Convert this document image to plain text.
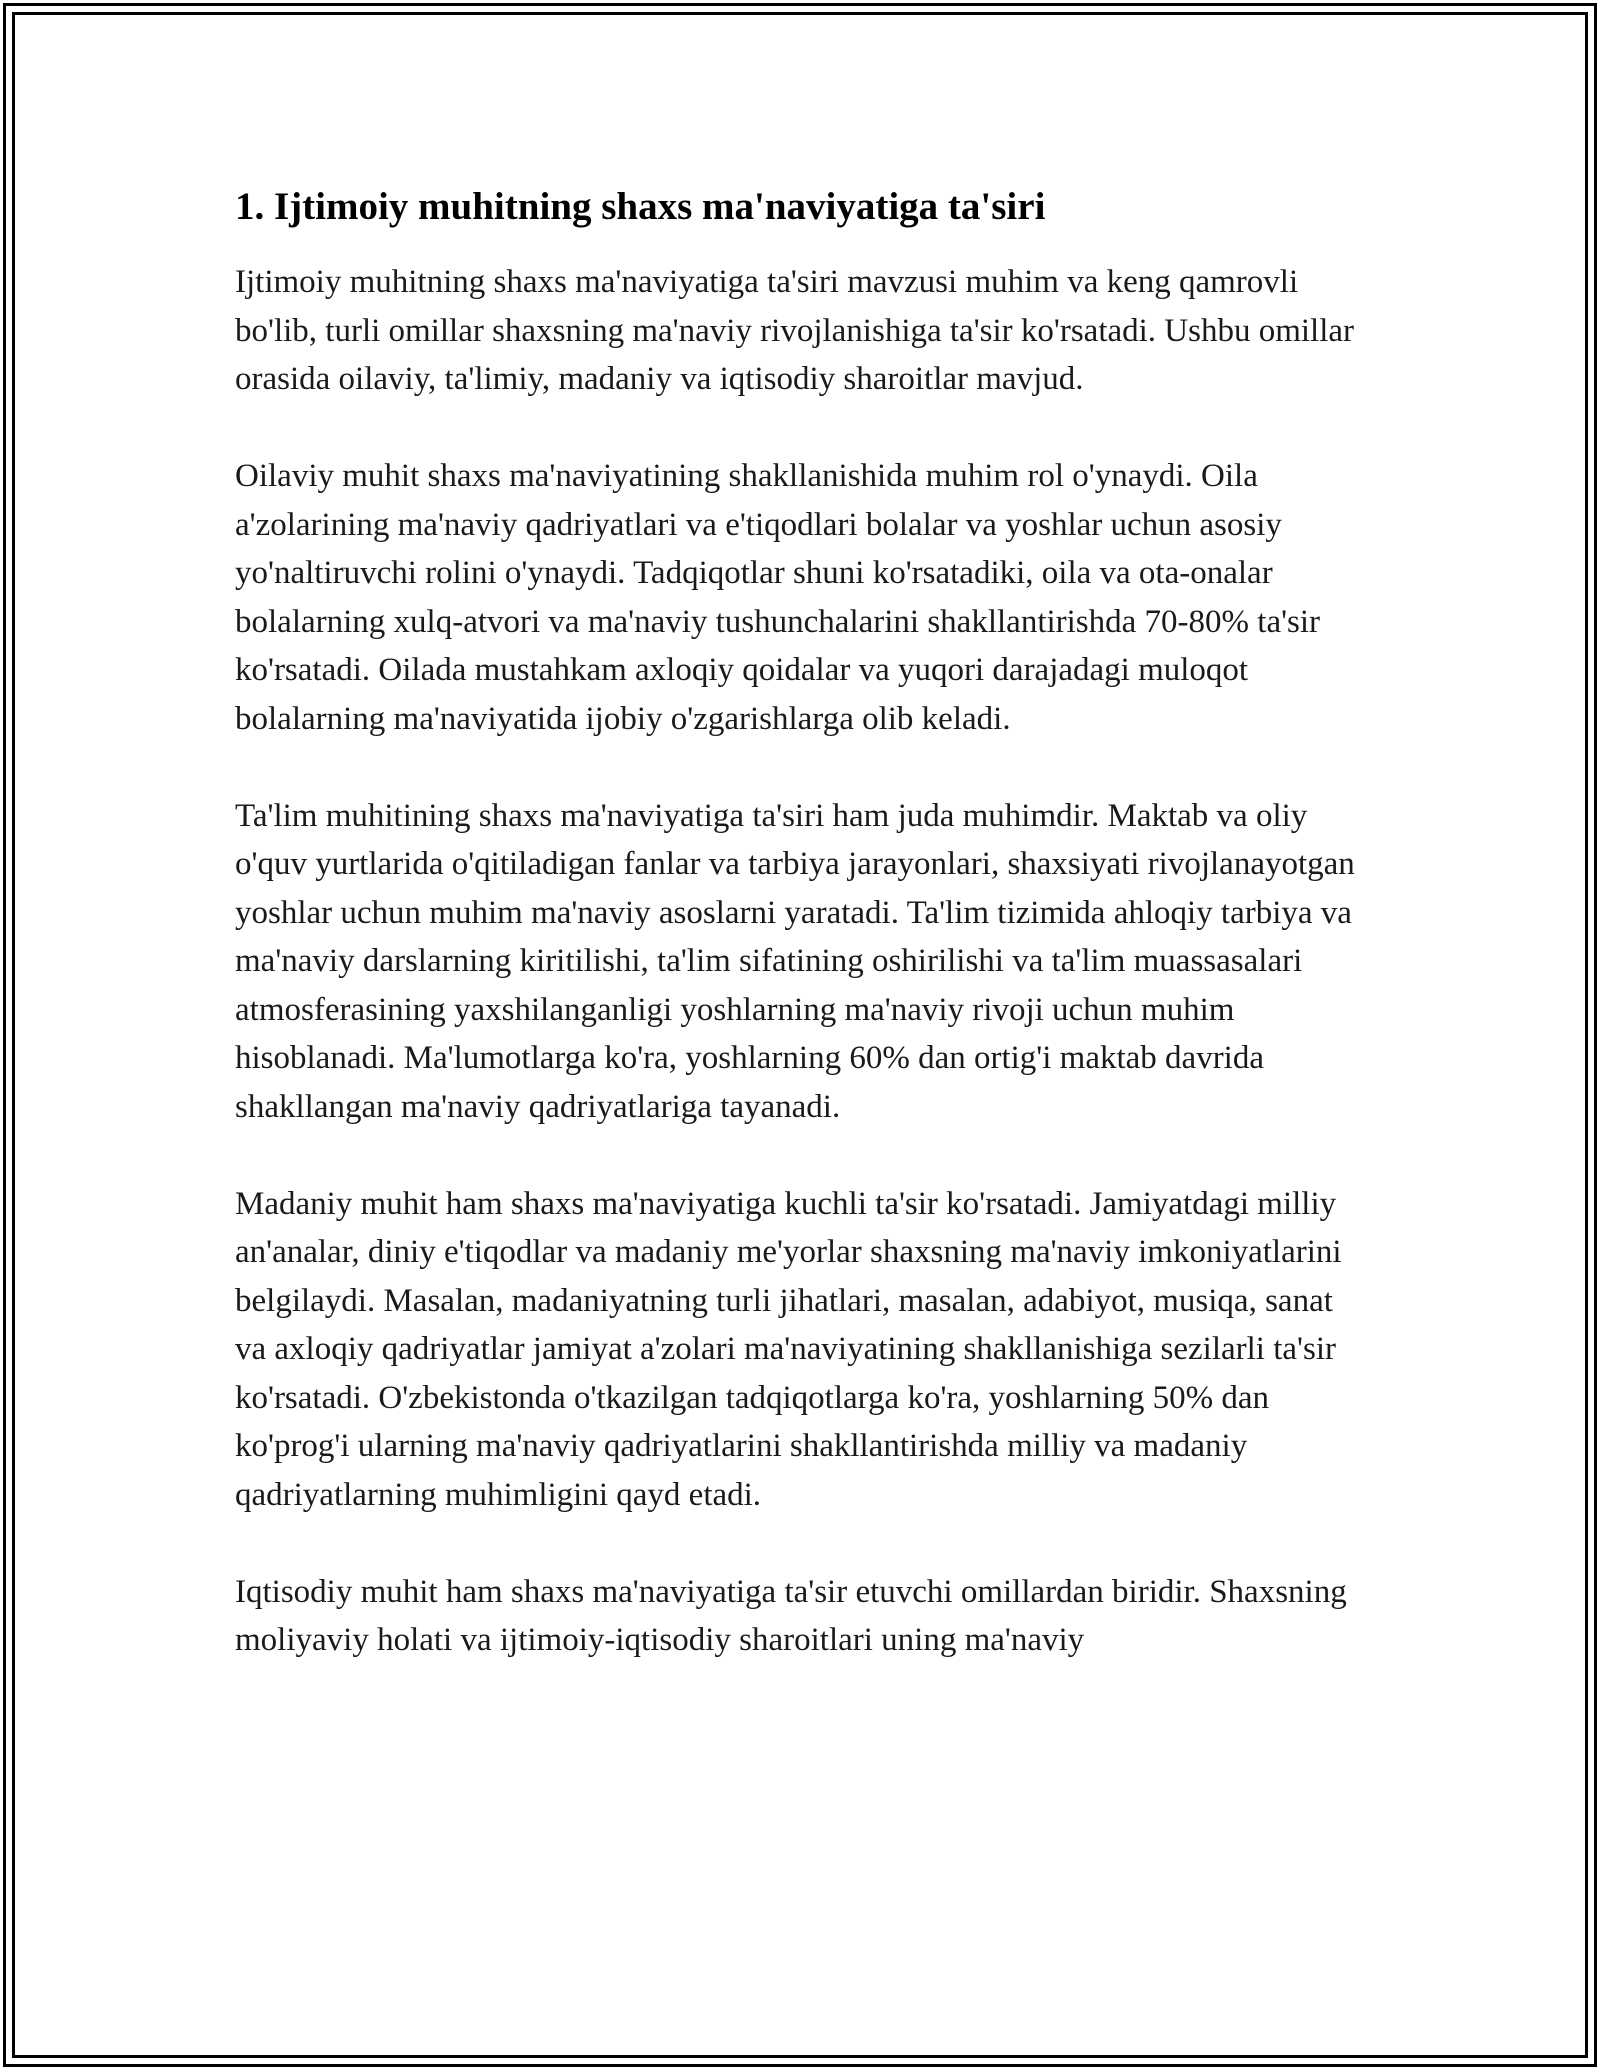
1. Ijtimoiy muhitning shaxs ma'naviyatiga ta'siri

Ijtimoiy muhitning shaxs ma'naviyatiga ta'siri mavzusi muhim va keng qamrovli bo'lib, turli omillar shaxsning ma'naviy rivojlanishiga ta'sir ko'rsatadi. Ushbu omillar orasida oilaviy, ta'limiy, madaniy va iqtisodiy sharoitlar mavjud.

Oilaviy muhit shaxs ma'naviyatining shakllanishida muhim rol o'ynaydi. Oila a'zolarining ma'naviy qadriyatlari va e'tiqodlari bolalar va yoshlar uchun asosiy yo'naltiruvchi rolini o'ynaydi. Tadqiqotlar shuni ko'rsatadiki, oila va ota-onalar bolalarning xulq-atvori va ma'naviy tushunchalarini shakllantirishda 70-80% ta'sir ko'rsatadi. Oilada mustahkam axloqiy qoidalar va yuqori darajadagi muloqot bolalarning ma'naviyatida ijobiy o'zgarishlarga olib keladi.

Ta'lim muhitining shaxs ma'naviyatiga ta'siri ham juda muhimdir. Maktab va oliy o'quv yurtlarida o'qitiladigan fanlar va tarbiya jarayonlari, shaxsiyati rivojlanayotgan yoshlar uchun muhim ma'naviy asoslarni yaratadi. Ta'lim tizimida ahloqiy tarbiya va ma'naviy darslarning kiritilishi, ta'lim sifatining oshirilishi va ta'lim muassasalari atmosferasining yaxshilanganligi yoshlarning ma'naviy rivoji uchun muhim hisoblanadi. Ma'lumotlarga ko'ra, yoshlarning 60% dan ortig'i maktab davrida shakllangan ma'naviy qadriyatlariga tayanadi.

Madaniy muhit ham shaxs ma'naviyatiga kuchli ta'sir ko'rsatadi. Jamiyatdagi milliy an'analar, diniy e'tiqodlar va madaniy me'yorlar shaxsning ma'naviy imkoniyatlarini belgilaydi. Masalan, madaniyatning turli jihatlari, masalan, adabiyot, musiqa, sanat va axloqiy qadriyatlar jamiyat a'zolari ma'naviyatining shakllanishiga sezilarli ta'sir ko'rsatadi. O'zbekistonda o'tkazilgan tadqiqotlarga ko'ra, yoshlarning 50% dan ko'prog'i ularning ma'naviy qadriyatlarini shakllantirishda milliy va madaniy qadriyatlarning muhimligini qayd etadi.

Iqtisodiy muhit ham shaxs ma'naviyatiga ta'sir etuvchi omillardan biridir. Shaxsning moliyaviy holati va ijtimoiy-iqtisodiy sharoitlari uning ma'naviy
